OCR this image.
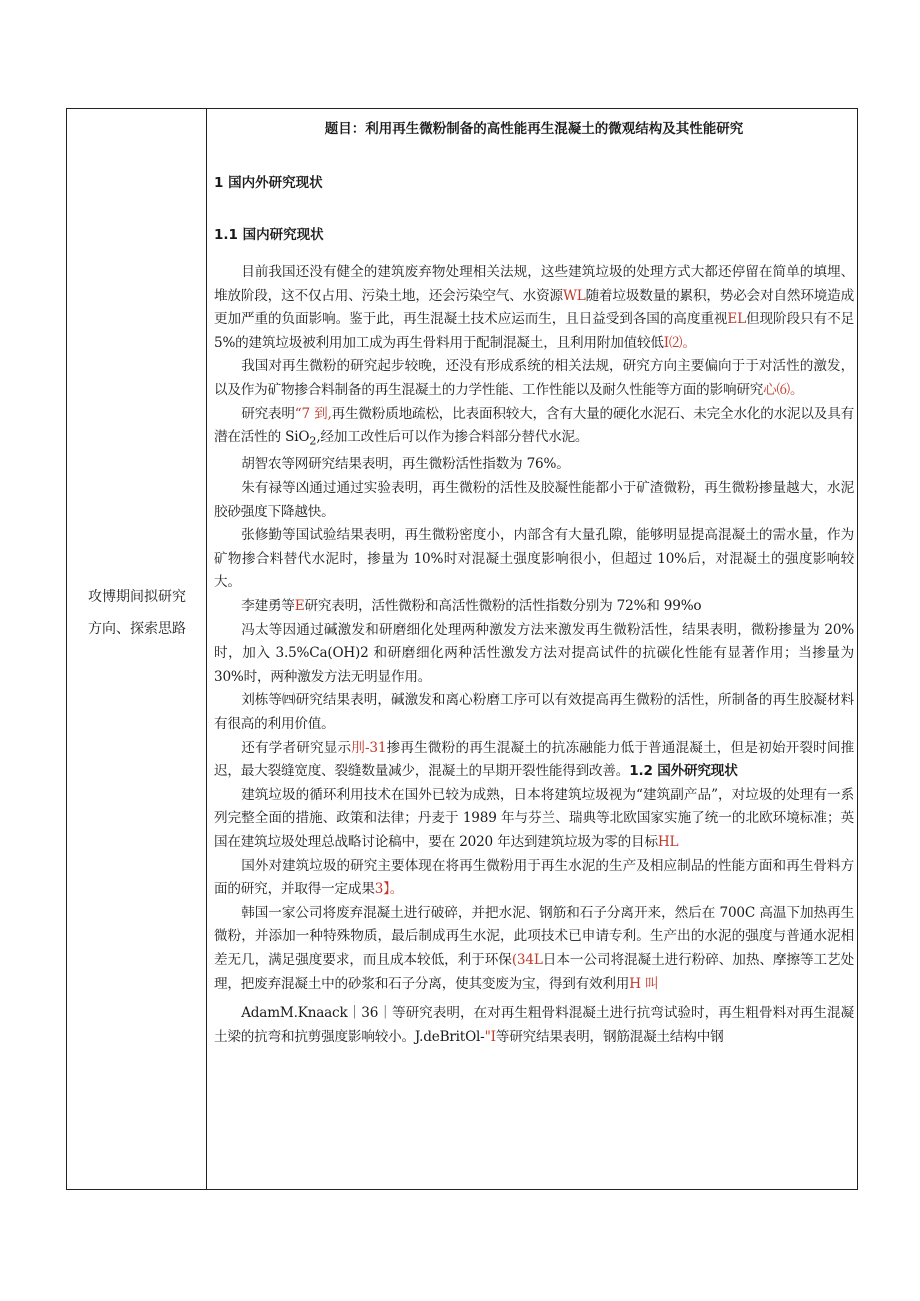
攻博期间拟研究
方向、探索思路
题目：利用再生微粉制备的高性能再生混凝土的微观结构及其性能研究
1 国内外研究现状
1.1 国内研究现状

目前我国还没有健全的建筑废弃物处理相关法规，这些建筑垃圾的处理方式大都还停留在简单的填埋、堆放阶段，这不仅占用、污染土地，还会污染空气、水资源WL随着垃圾数量的累积，势必会对自然环境造成更加严重的负面影响。鉴于此，再生混凝土技术应运而生，且日益受到各国的高度重视EL但现阶段只有不足 5%的建筑垃圾被利用加工成为再生骨料用于配制混凝土，且利用附加值较低I⑵。

我国对再生微粉的研究起步较晚，还没有形成系统的相关法规，研究方向主要偏向于于对活性的激发，以及作为矿物掺合料制备的再生混凝土的力学性能、工作性能以及耐久性能等方面的影响研究心⑹。

研究表明“7 到,再生微粉质地疏松，比表面积较大，含有大量的硬化水泥石、未完全水化的水泥以及具有潜在活性的 SiO$_2$,经加工改性后可以作为掺合料部分替代水泥。

胡智农等网研究结果表明，再生微粉活性指数为 76%。

朱有禄等凶通过通过实验表明，再生微粉的活性及胶凝性能都小于矿渣微粉，再生微粉掺量越大，水泥胶砂强度下降越快。

张修勤等国试验结果表明，再生微粉密度小，内部含有大量孔隙，能够明显提高混凝土的需水量，作为矿物掺合料替代水泥时，掺量为 10%时对混凝土强度影响很小，但超过 10%后，对混凝土的强度影响较大。

李建勇等E研究表明，活性微粉和高活性微粉的活性指数分别为 72%和 99%o

冯太等因通过碱激发和研磨细化处理两种激发方法来激发再生微粉活性，结果表明，微粉掺量为 20%时，加入 3.5%Ca(OH)2 和研磨细化两种活性激发方法对提高试件的抗碳化性能有显著作用；当掺量为 30%时，两种激发方法无明显作用。

刘栋等㈣研究结果表明，碱激发和离心粉磨工序可以有效提高再生微粉的活性，所制备的再生胶凝材料有很高的利用价值。

还有学者研究显示刖-31掺再生微粉的再生混凝土的抗冻融能力低于普通混凝土，但是初始开裂时间推迟，最大裂缝宽度、裂缝数量减少，混凝土的早期开裂性能得到改善。1.2 国外研究现状

建筑垃圾的循环利用技术在国外已较为成熟，日本将建筑垃圾视为“建筑副产品”，对垃圾的处理有一系列完整全面的措施、政策和法律；丹麦于 1989 年与芬兰、瑞典等北欧国家实施了统一的北欧环境标准；英国在建筑垃圾处理总战略讨论稿中，要在 2020 年达到建筑垃圾为零的目标HL

国外对建筑垃圾的研究主要体现在将再生微粉用于再生水泥的生产及相应制品的性能方面和再生骨料方面的研究，并取得一定成果3】。

韩国一家公司将废弃混凝土进行破碎，并把水泥、钢筋和石子分离开来，然后在 700C 高温下加热再生微粉，并添加一种特殊物质，最后制成再生水泥，此项技术已申请专利。生产出的水泥的强度与普通水泥相差无几，满足强度要求，而且成本较低，利于环保(34L日本一公司将混凝土进行粉碎、加热、摩擦等工艺处理，把废弃混凝土中的砂浆和石子分离，使其变废为宝，得到有效利用H 叫

AdamM.Knaack｜36｜等研究表明，在对再生粗骨料混凝土进行抗弯试验时，再生粗骨料对再生混凝土梁的抗弯和抗剪强度影响较小。J.deBritOl-"I等研究结果表明，钢筋混凝土结构中钢
